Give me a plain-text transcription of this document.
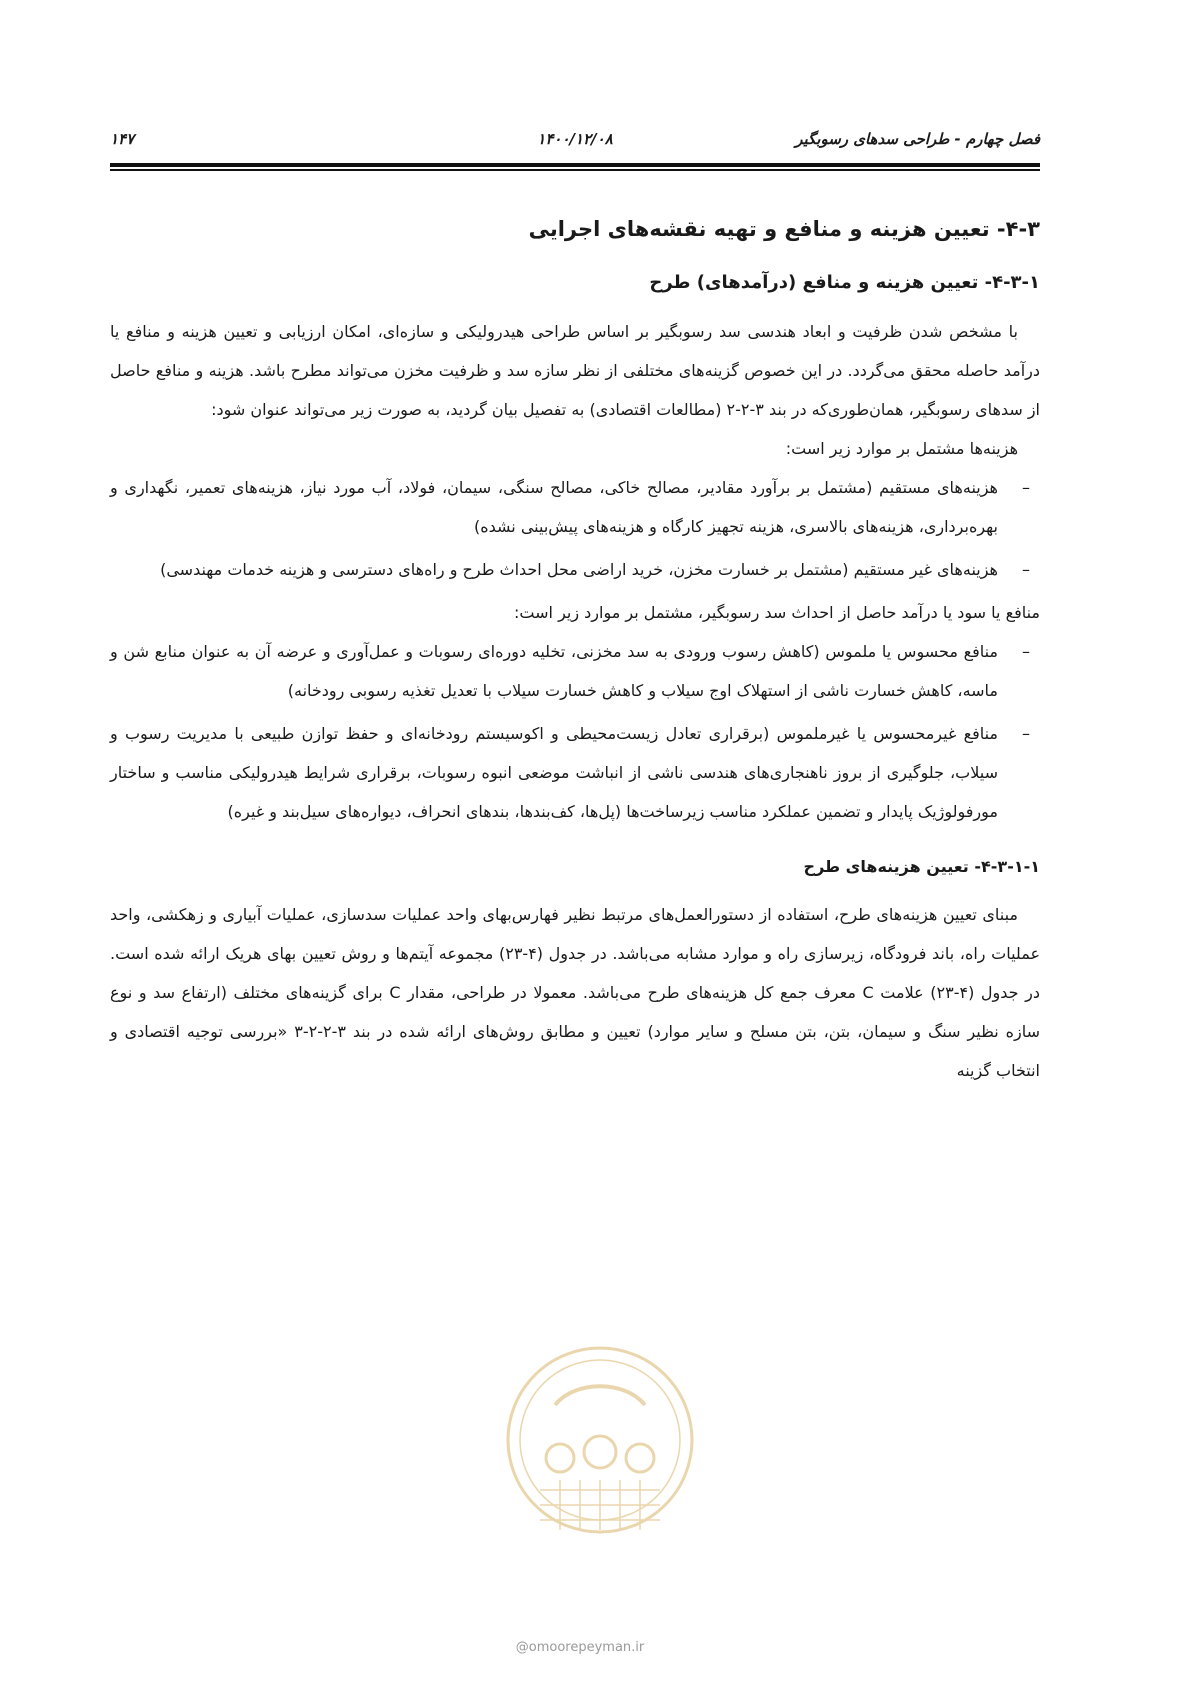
فصل چهارم - طراحی سدهای رسوبگیر
۱۴۰۰/۱۲/۰۸
۱۴۷
۴-۳- تعیین هزینه و منافع و تهیه نقشه‌های اجرایی
۴-۳-۱- تعیین هزینه و منافع (درآمدهای) طرح

با مشخص شدن ظرفیت و ابعاد هندسی سد رسوبگیر بر اساس طراحی هیدرولیکی و سازه‌ای، امکان ارزیابی و تعیین هزینه و منافع یا درآمد حاصله محقق می‌گردد. در این خصوص گزینه‌های مختلفی از نظر سازه سد و ظرفیت مخزن می‌تواند مطرح باشد. هزینه و منافع حاصل از سدهای رسوبگیر، همان‌طوری‌که در بند ۳-۲-۲ (مطالعات اقتصادی) به تفصیل بیان گردید، به صورت زیر می‌تواند عنوان شود:

هزینه‌ها مشتمل بر موارد زیر است:

–
هزینه‌های مستقیم (مشتمل بر برآورد مقادیر، مصالح خاکی، مصالح سنگی، سیمان، فولاد، آب مورد نیاز، هزینه‌های تعمیر، نگهداری و بهره‌برداری، هزینه‌های بالاسری، هزینه تجهیز کارگاه و هزینه‌های پیش‌بینی نشده)
–
هزینه‌های غیر مستقیم (مشتمل بر خسارت مخزن، خرید اراضی محل احداث طرح و راه‌های دسترسی و هزینه خدمات مهندسی)

منافع یا سود یا درآمد حاصل از احداث سد رسوبگیر، مشتمل بر موارد زیر است:

–
منافع محسوس یا ملموس (کاهش رسوب ورودی به سد مخزنی، تخلیه دوره‌ای رسوبات و عمل‌آوری و عرضه آن به عنوان منابع شن و ماسه، کاهش خسارت ناشی از استهلاک اوج سیلاب و کاهش خسارت سیلاب با تعدیل تغذیه رسوبی رودخانه)
–
منافع غیرمحسوس یا غیرملموس (برقراری تعادل زیست‌محیطی و اکوسیستم رودخانه‌ای و حفظ توازن طبیعی با مدیریت رسوب و سیلاب، جلوگیری از بروز ناهنجاری‌های هندسی ناشی از انباشت موضعی انبوه رسوبات، برقراری شرایط هیدرولیکی مناسب و ساختار مورفولوژیک پایدار و تضمین عملکرد مناسب زیرساخت‌ها (پل‌ها، کف‌بندها، بندهای انحراف، دیواره‌های سیل‌بند و غیره)
۴-۳-۱-۱- تعیین هزینه‌های طرح

مبنای تعیین هزینه‌های طرح، استفاده از دستورالعمل‌های مرتبط نظیر فهارس‌بهای واحد عملیات سدسازی، عملیات آبیاری و زهکشی، واحد عملیات راه، باند فرودگاه، زیرسازی راه و موارد مشابه می‌باشد. در جدول (۴-۲۳) مجموعه آیتم‌ها و روش تعیین بهای هریک ارائه شده است. در جدول (۴-۲۳) علامت C معرف جمع کل هزینه‌های طرح می‌باشد. معمولا در طراحی، مقدار C برای گزینه‌های مختلف (ارتفاع سد و نوع سازه نظیر سنگ و سیمان، بتن، بتن مسلح و سایر موارد) تعیین و مطابق روش‌های ارائه شده در بند ۳-۲-۲-۳ «بررسی توجیه اقتصادی و انتخاب گزینه

@omoorepeyman.ir
